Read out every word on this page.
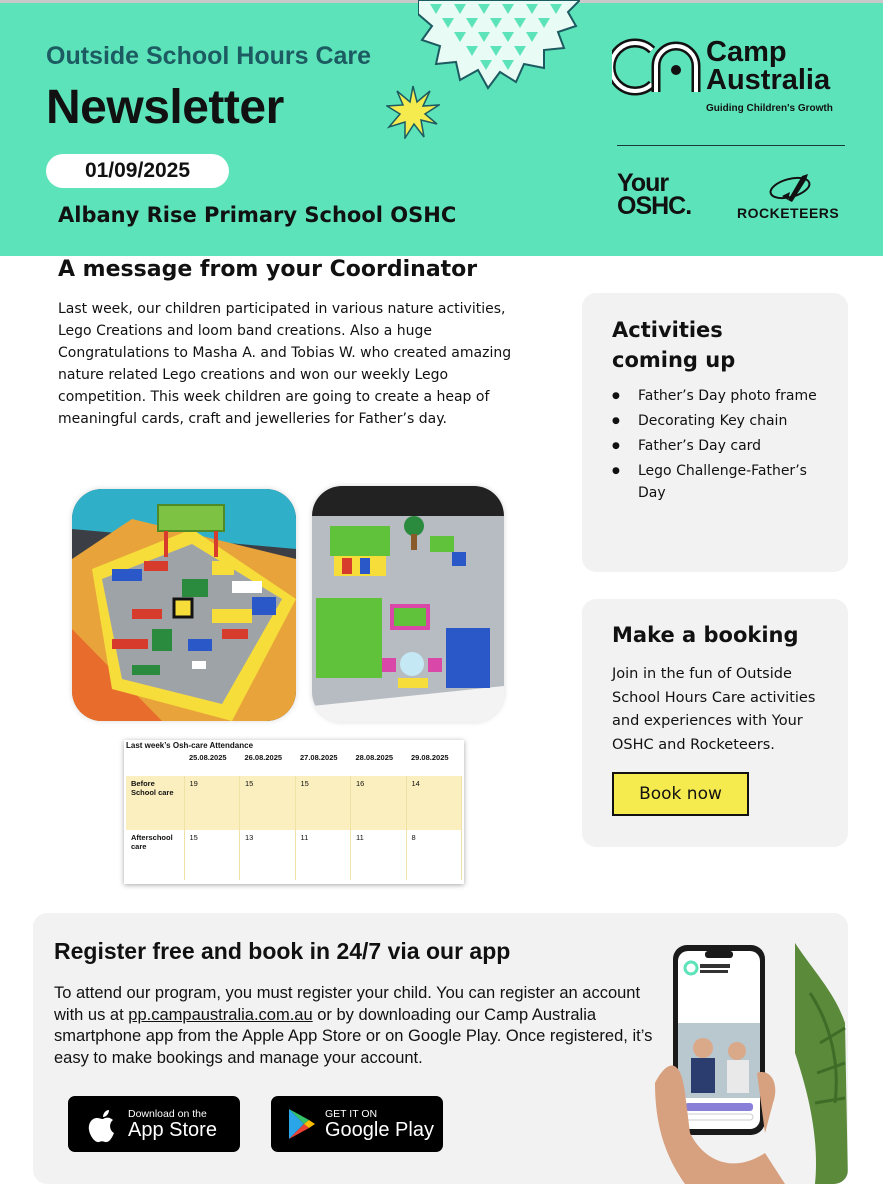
Outside School Hours Care
Newsletter
01/09/2025
Albany Rise Primary School OSHC
Camp
Australia
Guiding Children's Growth
Your
OSHC.	ROCKETEERS
A message from your Coordinator
Last week, our children participated in various nature activities, Lego Creations and loom band creations. Also a huge Congratulations to Masha A. and Tobias W. who created amazing nature related Lego creations and won our weekly Lego competition. This week children are going to create a heap of meaningful cards, craft and jewelleries for Father’s day.
Last week’s Osh-care Attendance
	25.08.2025	26.08.2025	27.08.2025	28.08.2025	29.08.2025
Before School care	19	15	15	16	14
Afterschool care	15	13	11	11	8
Activities
coming up
● Father’s Day photo frame
● Decorating Key chain
● Father’s Day card
● Lego Challenge-Father’s Day
Make a booking
Join in the fun of Outside School Hours Care activities and experiences with Your OSHC and Rocketeers.
Book now
Register free and book in 24/7 via our app
To attend our program, you must register your child. You can register an account with us at pp.campaustralia.com.au or by downloading our Camp Australia smartphone app from the Apple App Store or on Google Play. Once registered, it’s easy to make bookings and manage your account.
Download on the
App Store
GET IT ON
Google Play
